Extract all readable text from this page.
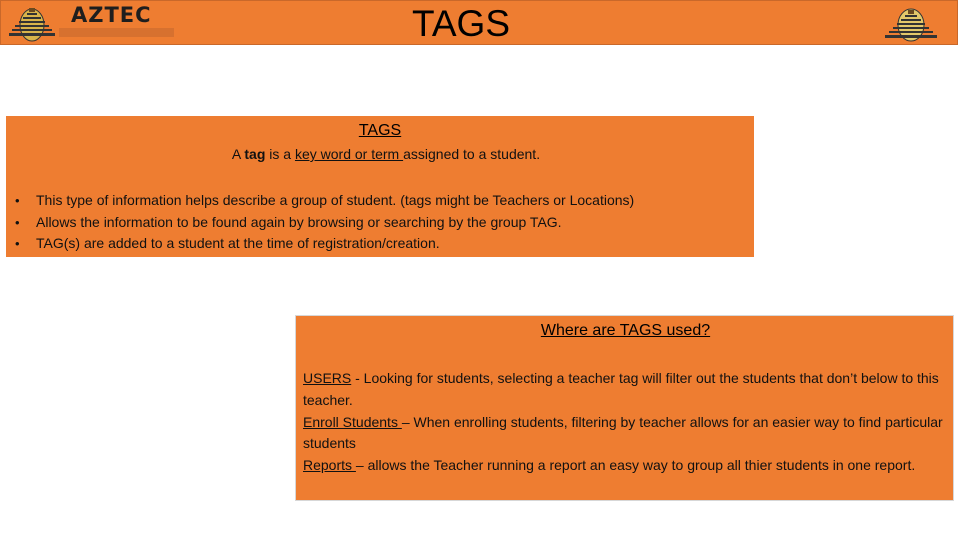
AZTEC	TAGS
TAGS
A tag is a key word or term assigned to a student.
• This type of information helps describe a group of student. (tags might be Teachers or Locations)
• Allows the information to be found again by browsing or searching by the group TAG.
• TAG(s) are added to a student at the time of registration/creation.
Where are TAGS used?
USERS - Looking for students, selecting a teacher tag will filter out the students that don’t below to this teacher.
Enroll Students – When enrolling students, filtering by teacher allows for an easier way to find particular students
Reports – allows the Teacher running a report an easy way to group all thier students in one report.
